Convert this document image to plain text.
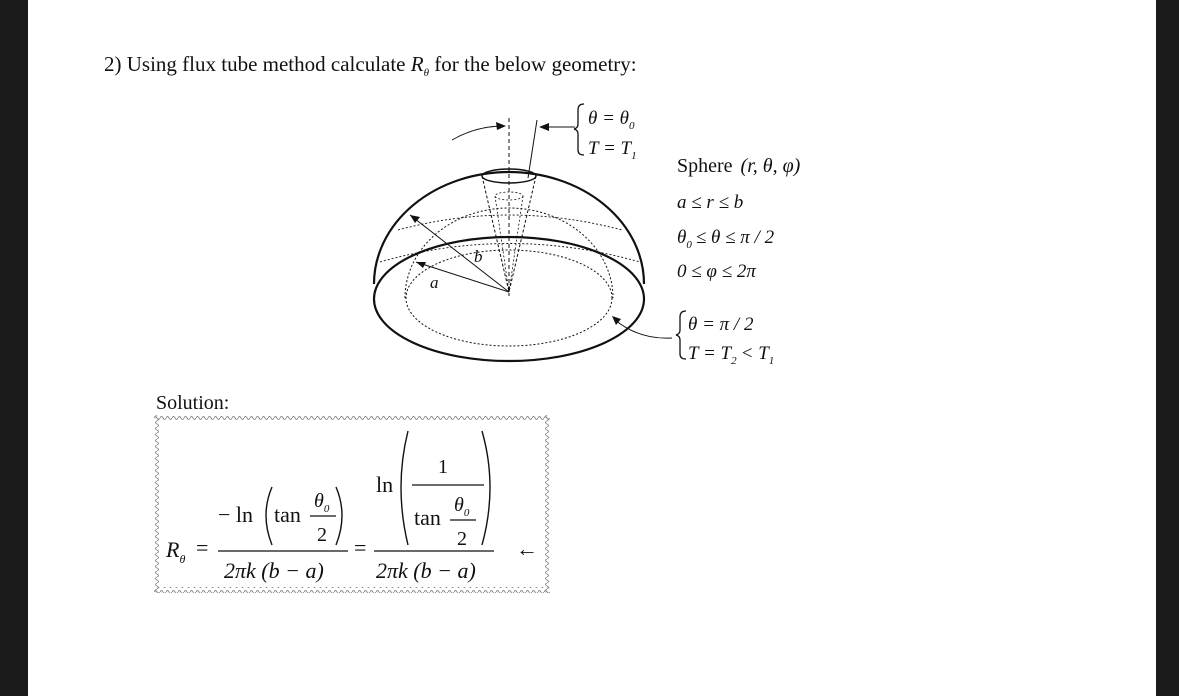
2) Using flux tube method calculate $R_\theta$ for the below geometry:
a
b
$\theta = \theta_0$
$T = T_1$ Sphere (r, θ, φ)
a ≤ r ≤ b
$\theta_0 \le \theta \le \pi / 2$
0 ≤ φ ≤ 2π
θ = π / 2
$T = T_2 < T_1$
Solution:
$R_\theta$ =
− ln tan
$\theta_0$
2
2πk (b − a)
=
ln
1
$\tan \theta_0$
2
2πk (b − a)
←
